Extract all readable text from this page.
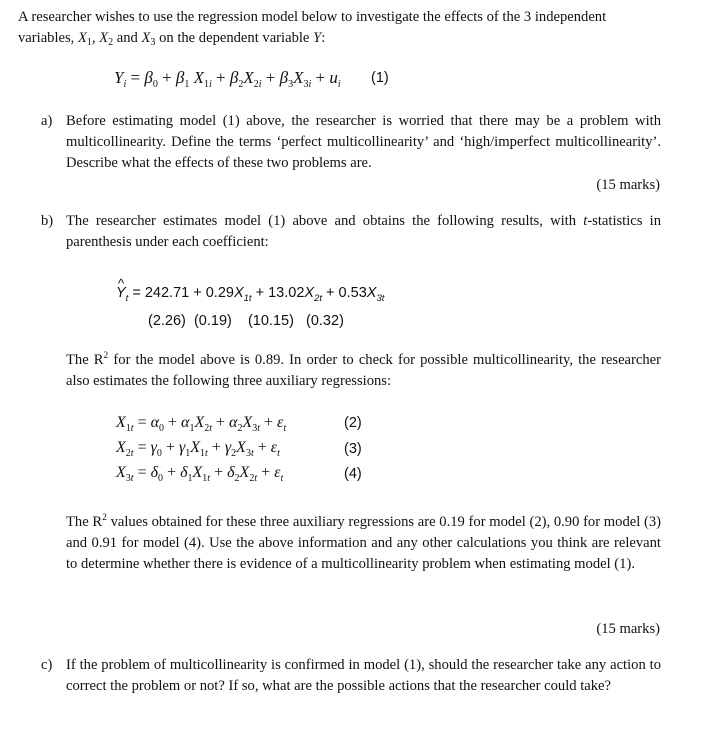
A researcher wishes to use the regression model below to investigate the effects of the 3 independent
variables, $X_1$, $X_2$ and $X_3$ on the dependent variable Y:
$Y_i = \beta_0 + \beta_1$ $X_{1i} + \beta_2X_{2i} + \beta_3X_{3i} + u_i$ (1)
a) Before estimating model (1) above, the researcher is worried that there may be a problem with multicollinearity. Define the terms ‘perfect multicollinearity’ and ‘high/imperfect multicollinearity’. Describe what the effects of these two problems are.
(15 marks)
b) The researcher estimates model (1) above and obtains the following results, with t-statistics in parenthesis under each coefficient:
^ $Y_t = 242.71 + 0.29X_{1t} + 13.02X_{2t} + 0.53X_{3t}$
(2.26) (0.19) (10.15) (0.32)
The $R^2$ for the model above is 0.89. In order to check for possible multicollinearity, the researcher also estimates the following three auxiliary regressions:
$X_{1t} = \alpha_0 + \alpha_1X_{2t} + \alpha_2X_{3t} + \varepsilon_t$	(2)
$X_{2t} = \gamma_0 + \gamma_1X_{1t} + \gamma_2X_{3t} + \varepsilon_t$	(3)
$X_{3t} = \delta_0 + \delta_1X_{1t} + \delta_2X_{2t} + \varepsilon_t$	(4)
The $R^2$ values obtained for these three auxiliary regressions are 0.19 for model (2), 0.90 for model (3) and 0.91 for model (4). Use the above information and any other calculations you think are relevant to determine whether there is evidence of a multicollinearity problem when estimating model (1).
(15 marks)
c) If the problem of multicollinearity is confirmed in model (1), should the researcher take any action to correct the problem or not? If so, what are the possible actions that the researcher could take?
